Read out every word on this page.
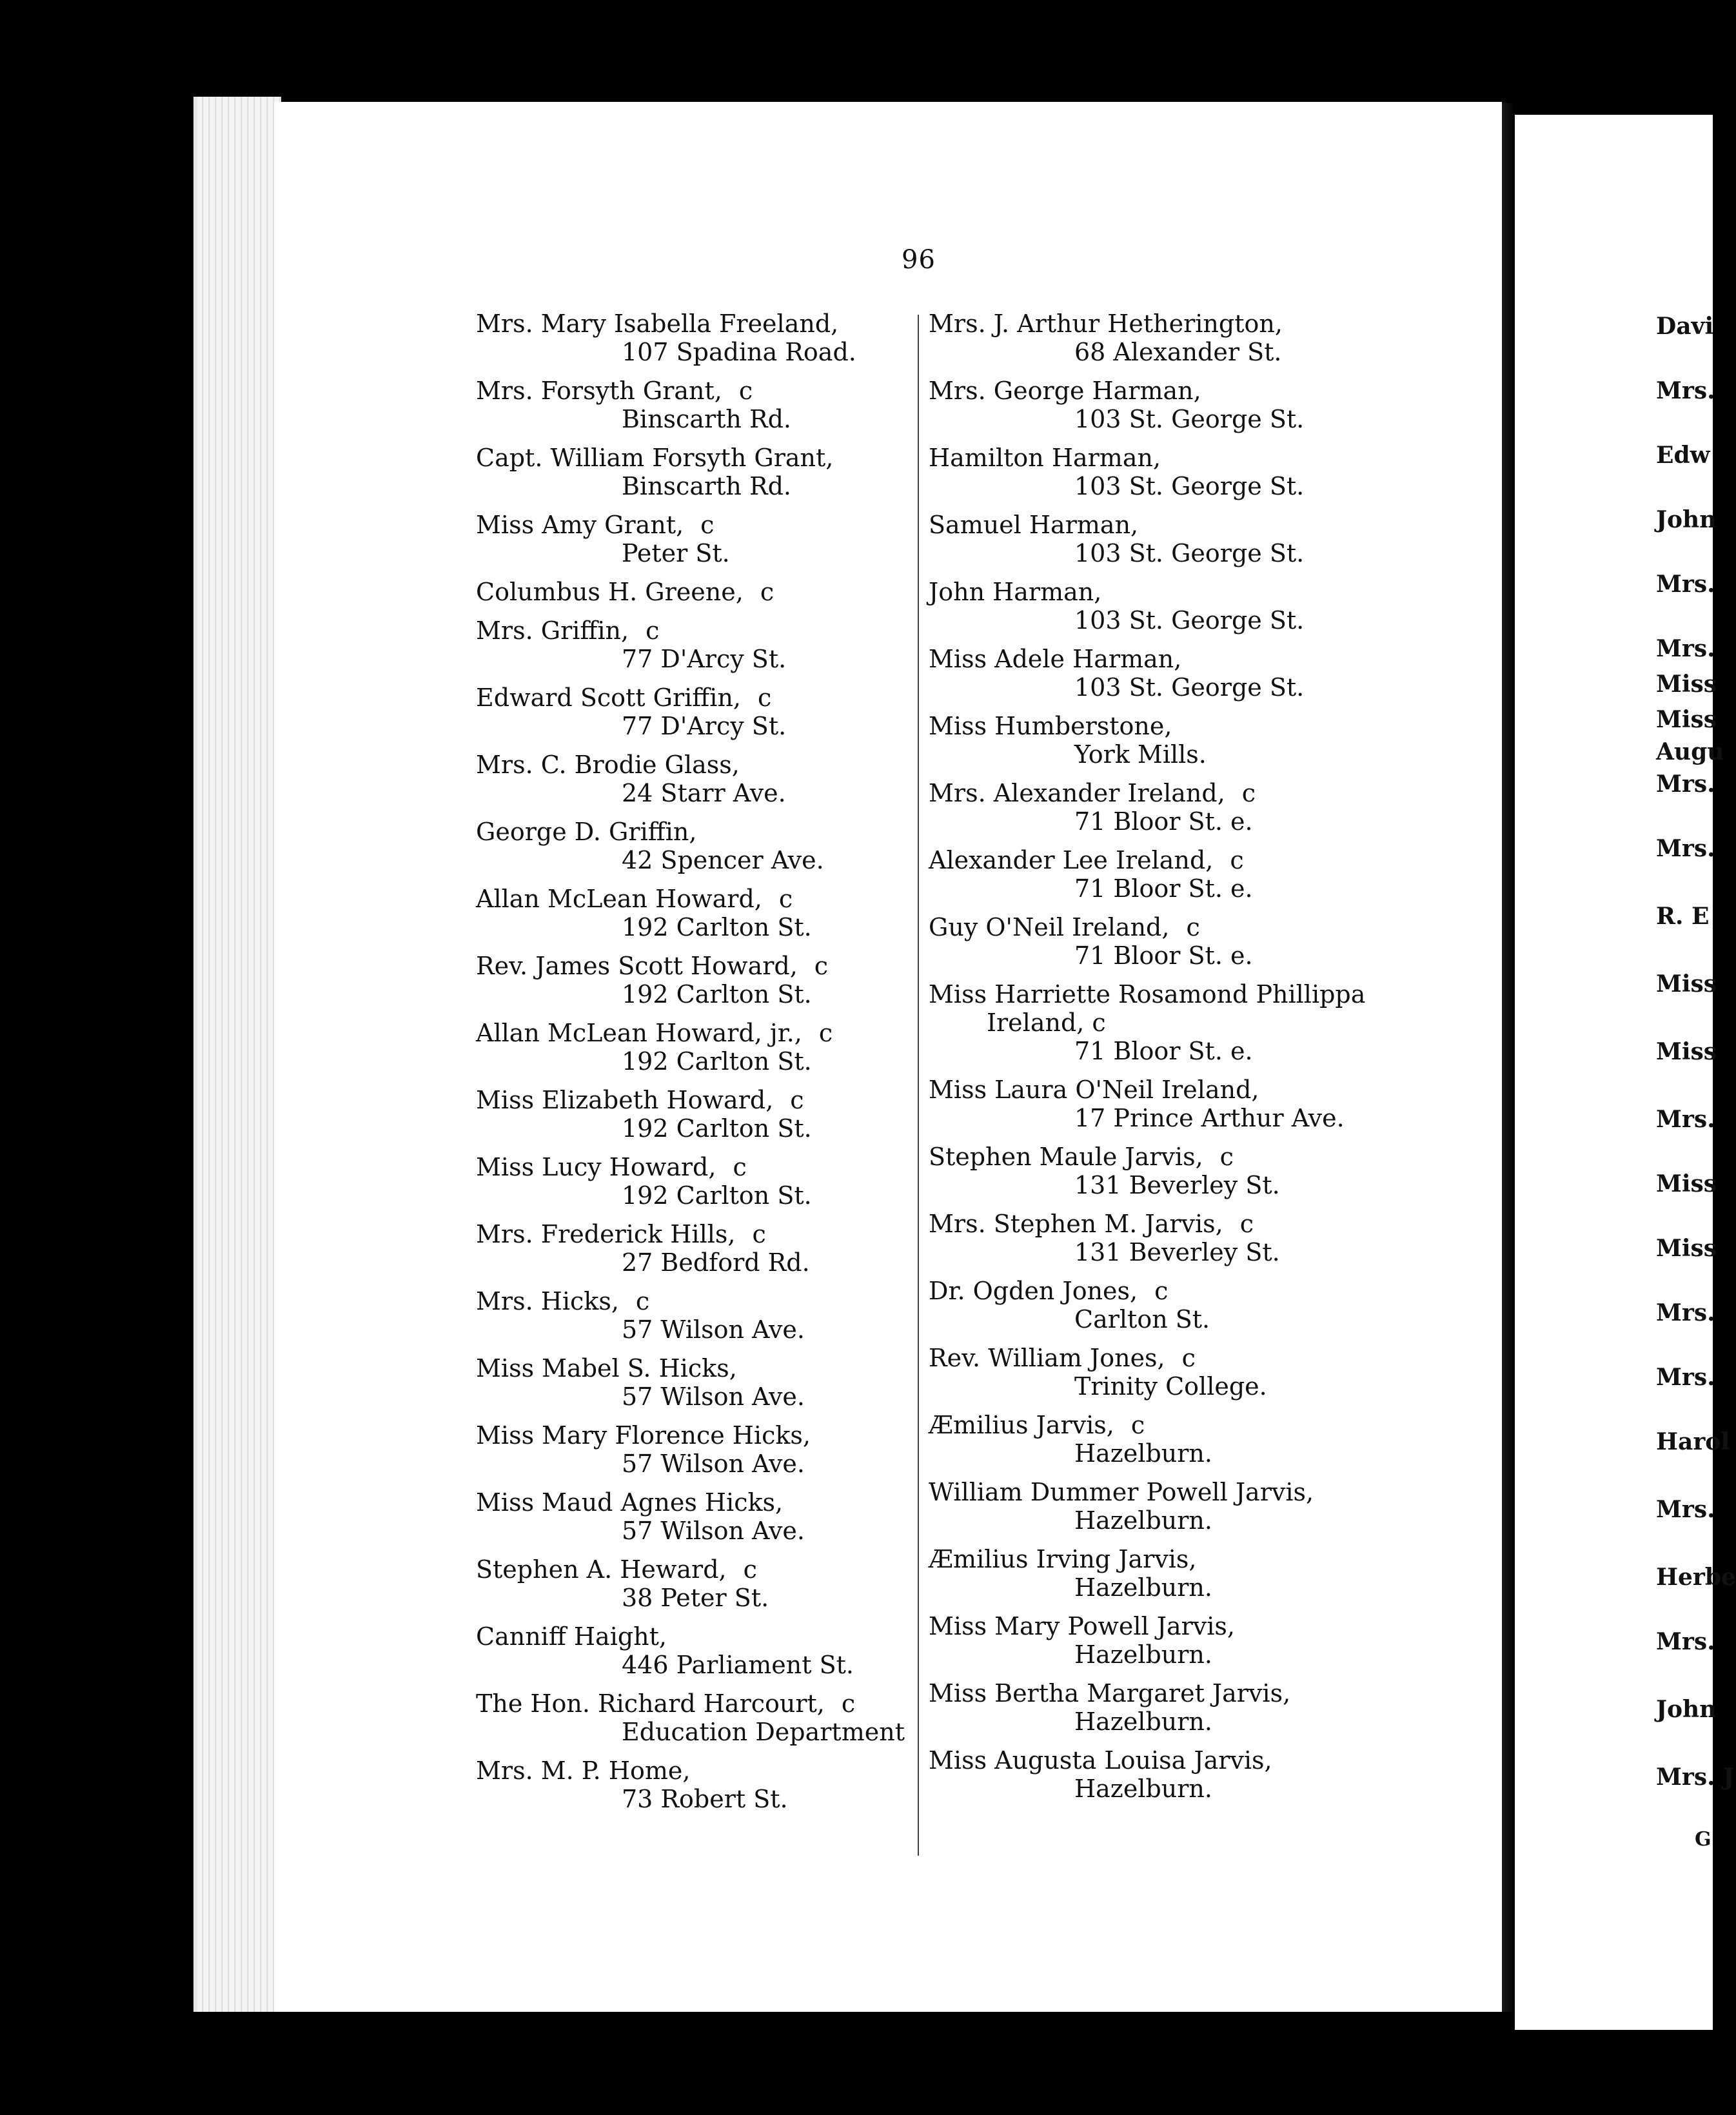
96
Mrs. Mary Isabella Freeland,
107 Spadina Road.
Mrs. Forsyth Grant, c
Binscarth Rd.
Capt. William Forsyth Grant,
Binscarth Rd.
Miss Amy Grant, c
Peter St.
Columbus H. Greene, c
Mrs. Griffin, c
77 D'Arcy St.
Edward Scott Griffin, c
77 D'Arcy St.
Mrs. C. Brodie Glass,
24 Starr Ave.
George D. Griffin,
42 Spencer Ave.
Allan McLean Howard, c
192 Carlton St.
Rev. James Scott Howard, c
192 Carlton St.
Allan McLean Howard, jr., c
192 Carlton St.
Miss Elizabeth Howard, c
192 Carlton St.
Miss Lucy Howard, c
192 Carlton St.
Mrs. Frederick Hills, c
27 Bedford Rd.
Mrs. Hicks, c
57 Wilson Ave.
Miss Mabel S. Hicks,
57 Wilson Ave.
Miss Mary Florence Hicks,
57 Wilson Ave.
Miss Maud Agnes Hicks,
57 Wilson Ave.
Stephen A. Heward, c
38 Peter St.
Canniff Haight,
446 Parliament St.
The Hon. Richard Harcourt, c
Education Department
Mrs. M. P. Home,
73 Robert St.
Mrs. J. Arthur Hetherington,
68 Alexander St.
Mrs. George Harman,
103 St. George St.
Hamilton Harman,
103 St. George St.
Samuel Harman,
103 St. George St.
John Harman,
103 St. George St.
Miss Adele Harman,
103 St. George St.
Miss Humberstone,
York Mills.
Mrs. Alexander Ireland, c
71 Bloor St. e.
Alexander Lee Ireland, c
71 Bloor St. e.
Guy O'Neil Ireland, c
71 Bloor St. e.
Miss Harriette Rosamond Phillippa
Ireland, c
71 Bloor St. e.
Miss Laura O'Neil Ireland,
17 Prince Arthur Ave.
Stephen Maule Jarvis, c
131 Beverley St.
Mrs. Stephen M. Jarvis, c
131 Beverley St.
Dr. Ogden Jones, c
Carlton St.
Rev. William Jones, c
Trinity College.
Æmilius Jarvis, c
Hazelburn.
William Dummer Powell Jarvis,
Hazelburn.
Æmilius Irving Jarvis,
Hazelburn.
Miss Mary Powell Jarvis,
Hazelburn.
Miss Bertha Margaret Jarvis,
Hazelburn.
Miss Augusta Louisa Jarvis,
Hazelburn.
Davi
Mrs.
Edw
John
Mrs.
Mrs.
Miss
Miss
Augu
Mrs.
Mrs.
R. E
Miss
Miss
Mrs.
Miss
Miss
Mrs.
Mrs.
Harol
Mrs.
Herbe
Mrs.
John
Mrs. J
G
